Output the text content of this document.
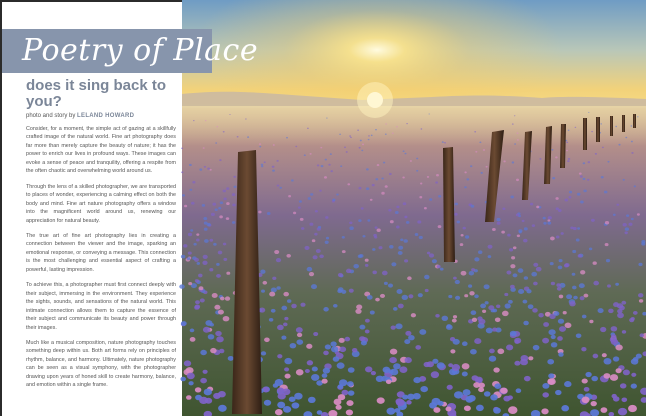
Poetry of Place
does it sing back to you?
photo and story by LELAND HOWARD

Consider, for a moment, the simple act of gazing at a skillfully crafted image of the natural world. Fine art photography does far more than merely capture the beauty of nature; it has the power to enrich our lives in profound ways. These images can evoke a sense of peace and tranquility, offering a respite from the often chaotic and overwhelming world around us.

Through the lens of a skilled photographer, we are transported to places of wonder, experiencing a calming effect on both the body and mind. Fine art nature photography offers a window into the magnificent world around us, renewing our appreciation for natural beauty.

The true art of fine art photography lies in creating a connection between the viewer and the image, sparking an emotional response, or conveying a message. This connection is the most challenging and essential aspect of crafting a powerful, lasting impression.

To achieve this, a photographer must first connect deeply with their subject, immersing in the environment. They experience the sights, sounds, and sensations of the natural world. This intimate connection allows them to capture the essence of their subject and communicate its beauty and power through their images.

Much like a musical composition, nature photography touches something deep within us. Both art forms rely on principles of rhythm, balance, and harmony. Ultimately, nature photography can be seen as a visual symphony, with the photographer drawing upon years of honed skill to create harmony, balance, and emotion within a single frame.
